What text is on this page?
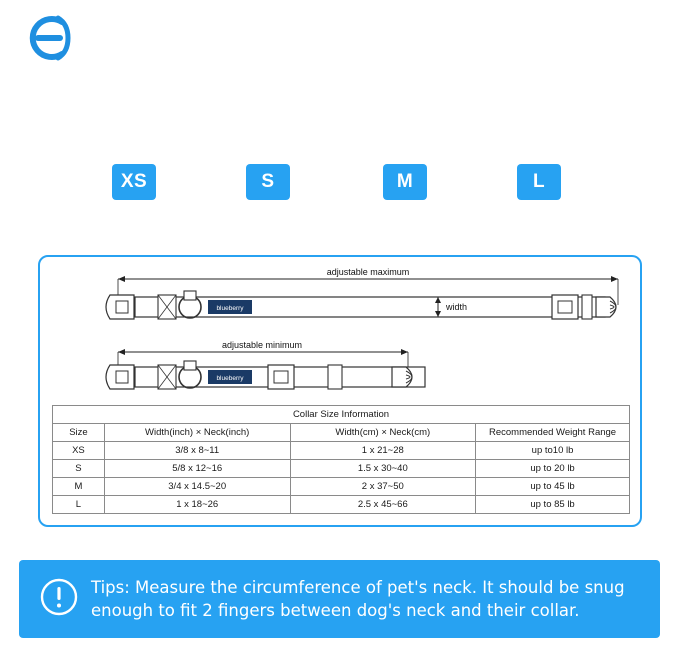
XS	S	M	L
adjustable maximum
blueberry	width
adjustable minimum
blueberry
Collar Size Information			
Size	Width(inch) × Neck(inch)	Width(cm) × Neck(cm)	Recommended Weight Range
XS	3/8 x 8~11	1 x 21~28	up to10 lb
S	5/8 x 12~16	1.5 x 30~40	up to 20 lb
M	3/4 x 14.5~20	2 x 37~50	up to 45 lb
L	1 x 18~26	2.5 x 45~66	up to 85 lb
Tips: Measure the circumference of pet's neck. It should be snug
enough to fit 2 fingers between dog's neck and their collar.
